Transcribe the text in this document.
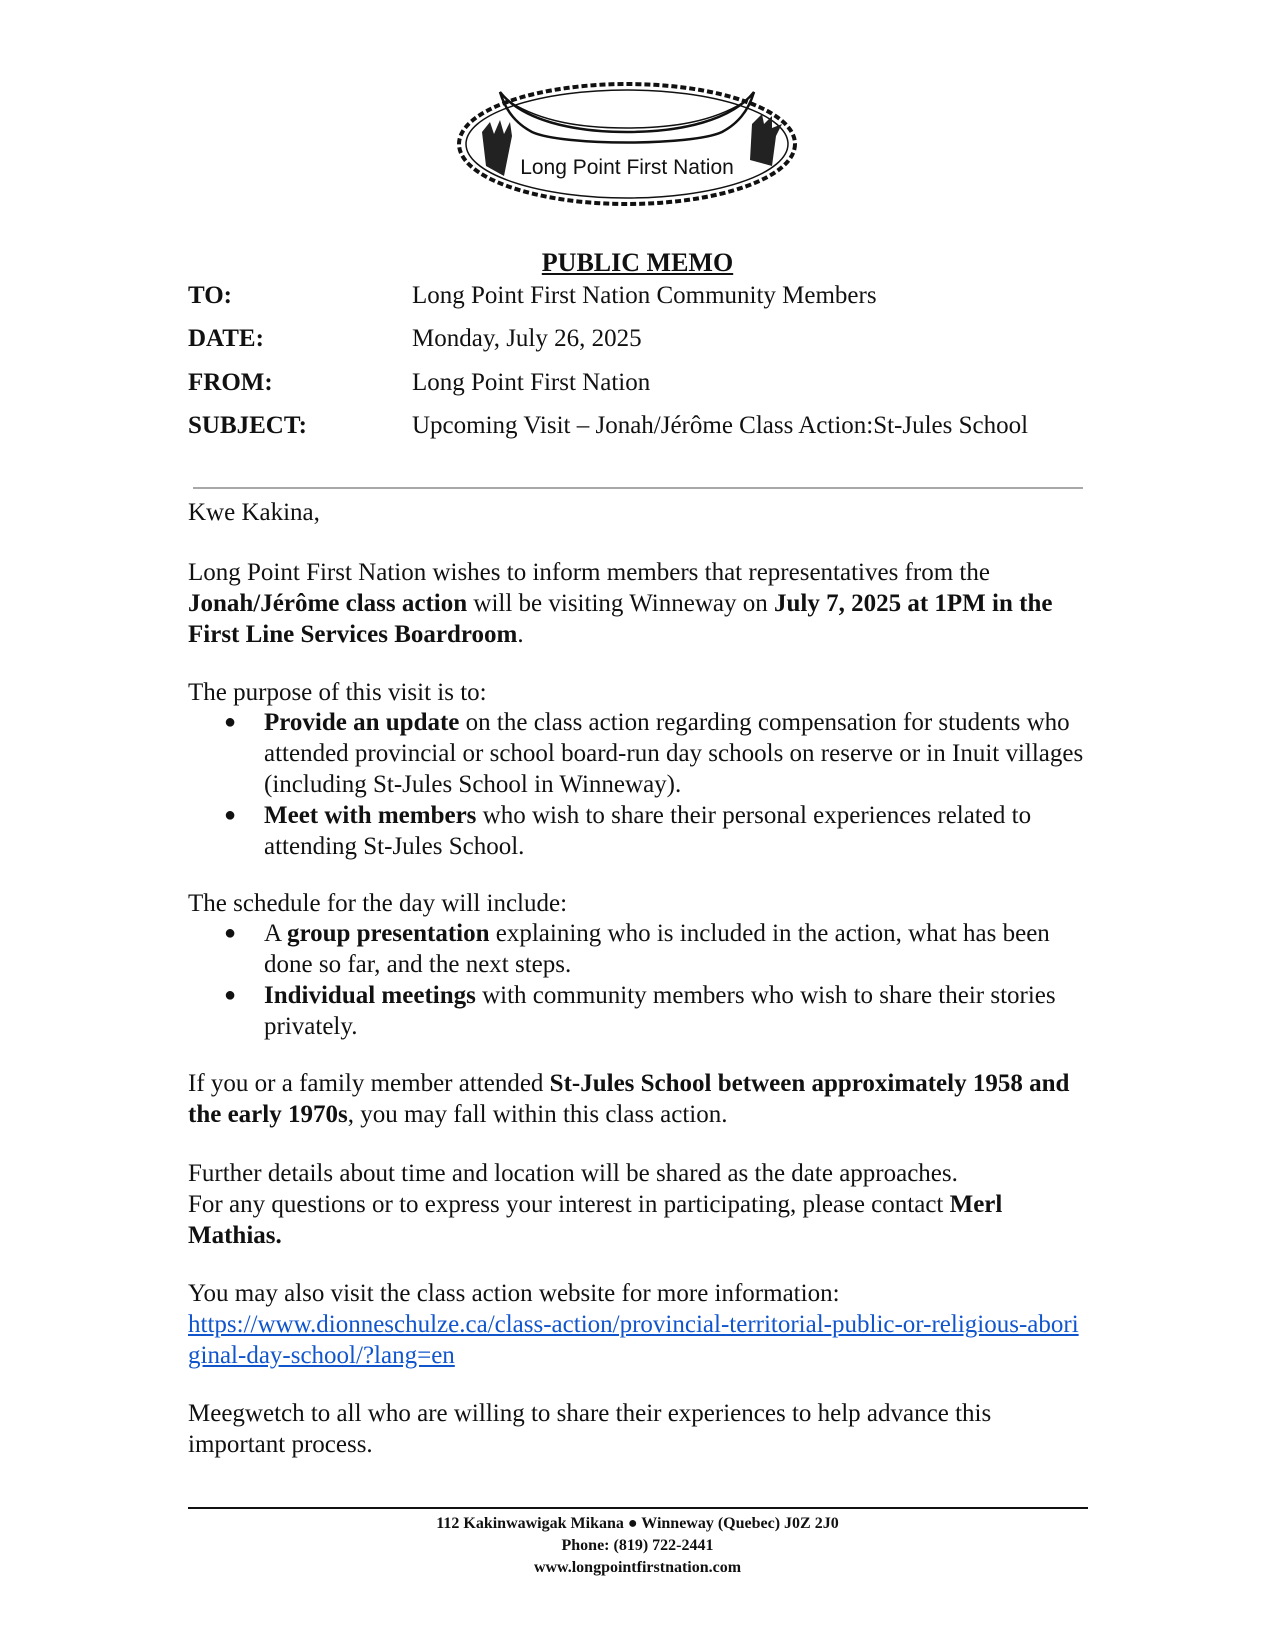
Long Point First Nation
PUBLIC MEMO
TO:	Long Point First Nation Community Members
DATE:	Monday, July 26, 2025
FROM:	Long Point First Nation
SUBJECT:	Upcoming Visit – Jonah/Jérôme Class Action:St-Jules School
Kwe Kakina,
Long Point First Nation wishes to inform members that representatives from the Jonah/Jérôme class action will be visiting Winneway on July 7, 2025 at 1PM in the First Line Services Boardroom.
The purpose of this visit is to:
● Provide an update on the class action regarding compensation for students who attended provincial or school board-run day schools on reserve or in Inuit villages (including St-Jules School in Winneway).
● Meet with members who wish to share their personal experiences related to attending St-Jules School.
The schedule for the day will include:
● A group presentation explaining who is included in the action, what has been done so far, and the next steps.
● Individual meetings with community members who wish to share their stories privately.
If you or a family member attended St-Jules School between approximately 1958 and the early 1970s, you may fall within this class action.

Further details about time and location will be shared as the date approaches.

For any questions or to express your interest in participating, please contact Merl Mathias.

You may also visit the class action website for more information:

https://www.dionneschulze.ca/class-action/provincial-territorial-public-or-religious-aboriginal-day-school/?lang=en

Meegwetch to all who are willing to share their experiences to help advance this important process.
112 Kakinwawigak Mikana ● Winneway (Quebec) J0Z 2J0
Phone: (819) 722-2441
www.longpointfirstnation.com
